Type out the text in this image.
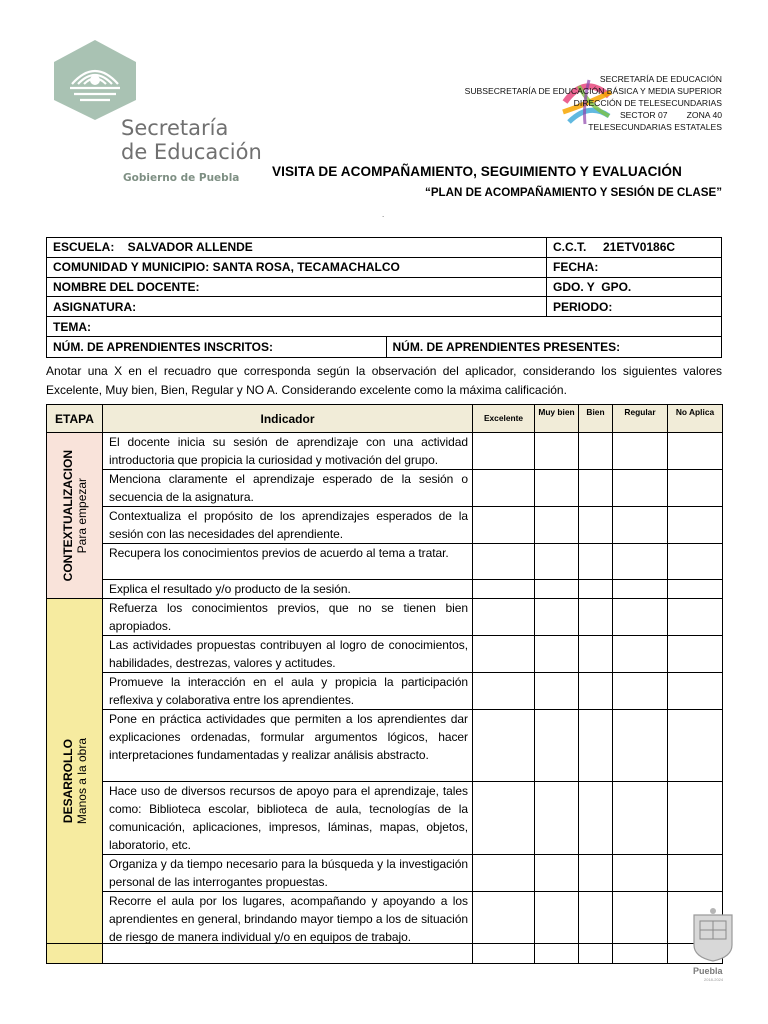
Secretaría
de Educación
Gobierno de Puebla
SECRETARÍA DE EDUCACIÓN
SUBSECRETARÍA DE EDUCACIÓN BÁSICA Y MEDIA SUPERIOR
DIRECCIÓN DE TELESECUNDARIAS
SECTOR 07        ZONA 40
TELESECUNDARIAS ESTATALES
VISITA DE ACOMPAÑAMIENTO, SEGUIMIENTO Y EVALUACIÓN
“PLAN DE ACOMPAÑAMIENTO Y SESIÓN DE CLASE”
.
ESCUELA:    SALVADOR ALLENDE	C.C.T.     21ETV0186C
COMUNIDAD Y MUNICIPIO: SANTA ROSA, TECAMACHALCO	FECHA:
NOMBRE DEL DOCENTE:	GDO. Y  GPO.
ASIGNATURA:	PERIODO:
TEMA:

NÚM. DE APRENDIENTES INSCRITOS:	NÚM. DE APRENDIENTES PRESENTES:

Anotar una X en el recuadro que corresponda según la observación del aplicador, considerando los siguientes valores Excelente, Muy bien, Bien, Regular y NO A. Considerando excelente como la máxima calificación.

ETAPA	Indicador	Excelente	Muy bien	Bien	Regular	No Aplica

CONTEXTUALIZACION Para empezar	El docente inicia su sesión de aprendizaje con una actividad introductoria que propicia la curiosidad y motivación del grupo.					
	Menciona claramente el aprendizaje esperado de la sesión o secuencia de la asignatura.					
	Contextualiza el propósito de los aprendizajes esperados de la sesión con las necesidades del aprendiente.					
	Recupera los conocimientos previos de acuerdo al tema a tratar.					
	Explica el resultado y/o producto de la sesión.					

DESARROLLO Manos a la obra	Refuerza los conocimientos previos, que no se tienen bien apropiados.					
	Las actividades propuestas contribuyen al logro de conocimientos, habilidades, destrezas, valores y actitudes.					
	Promueve la interacción en el aula y propicia la participación reflexiva y colaborativa entre los aprendientes.					
	Pone en práctica actividades que permiten a los aprendientes dar explicaciones ordenadas, formular argumentos lógicos, hacer interpretaciones fundamentadas y realizar análisis abstracto.					
	Hace uso de diversos recursos de apoyo para el aprendizaje, tales como: Biblioteca escolar, biblioteca de aula, tecnologías de la comunicación, aplicaciones, impresos, láminas, mapas, objetos, laboratorio, etc.					
	Organiza y da tiempo necesario para la búsqueda y la investigación personal de las interrogantes propuestas.					
	Recorre el aula por los lugares, acompañando y apoyando a los aprendientes en general, brindando mayor tiempo a los de situación de riesgo de manera individual y/o en equipos de trabajo.					
Puebla
2018-2024
